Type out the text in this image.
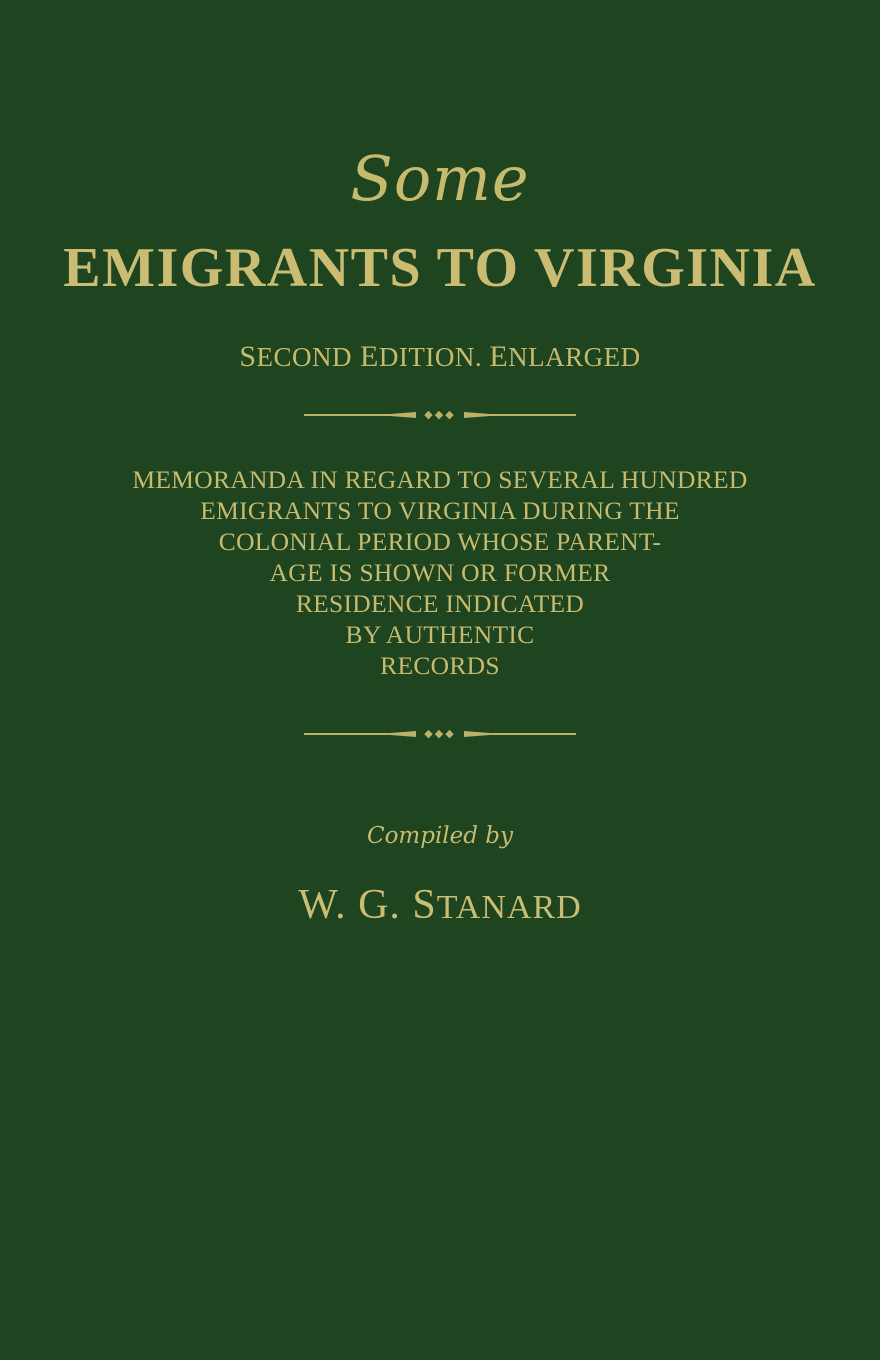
Some
EMIGRANTS TO VIRGINIA
SECOND EDITION. ENLARGED
◆◆◆
MEMORANDA IN REGARD TO SEVERAL HUNDRED
EMIGRANTS TO VIRGINIA DURING THE
COLONIAL PERIOD WHOSE PARENT-
AGE IS SHOWN OR FORMER
RESIDENCE INDICATED
BY AUTHENTIC
RECORDS
◆◆◆
Compiled by
W. G. STANARD
